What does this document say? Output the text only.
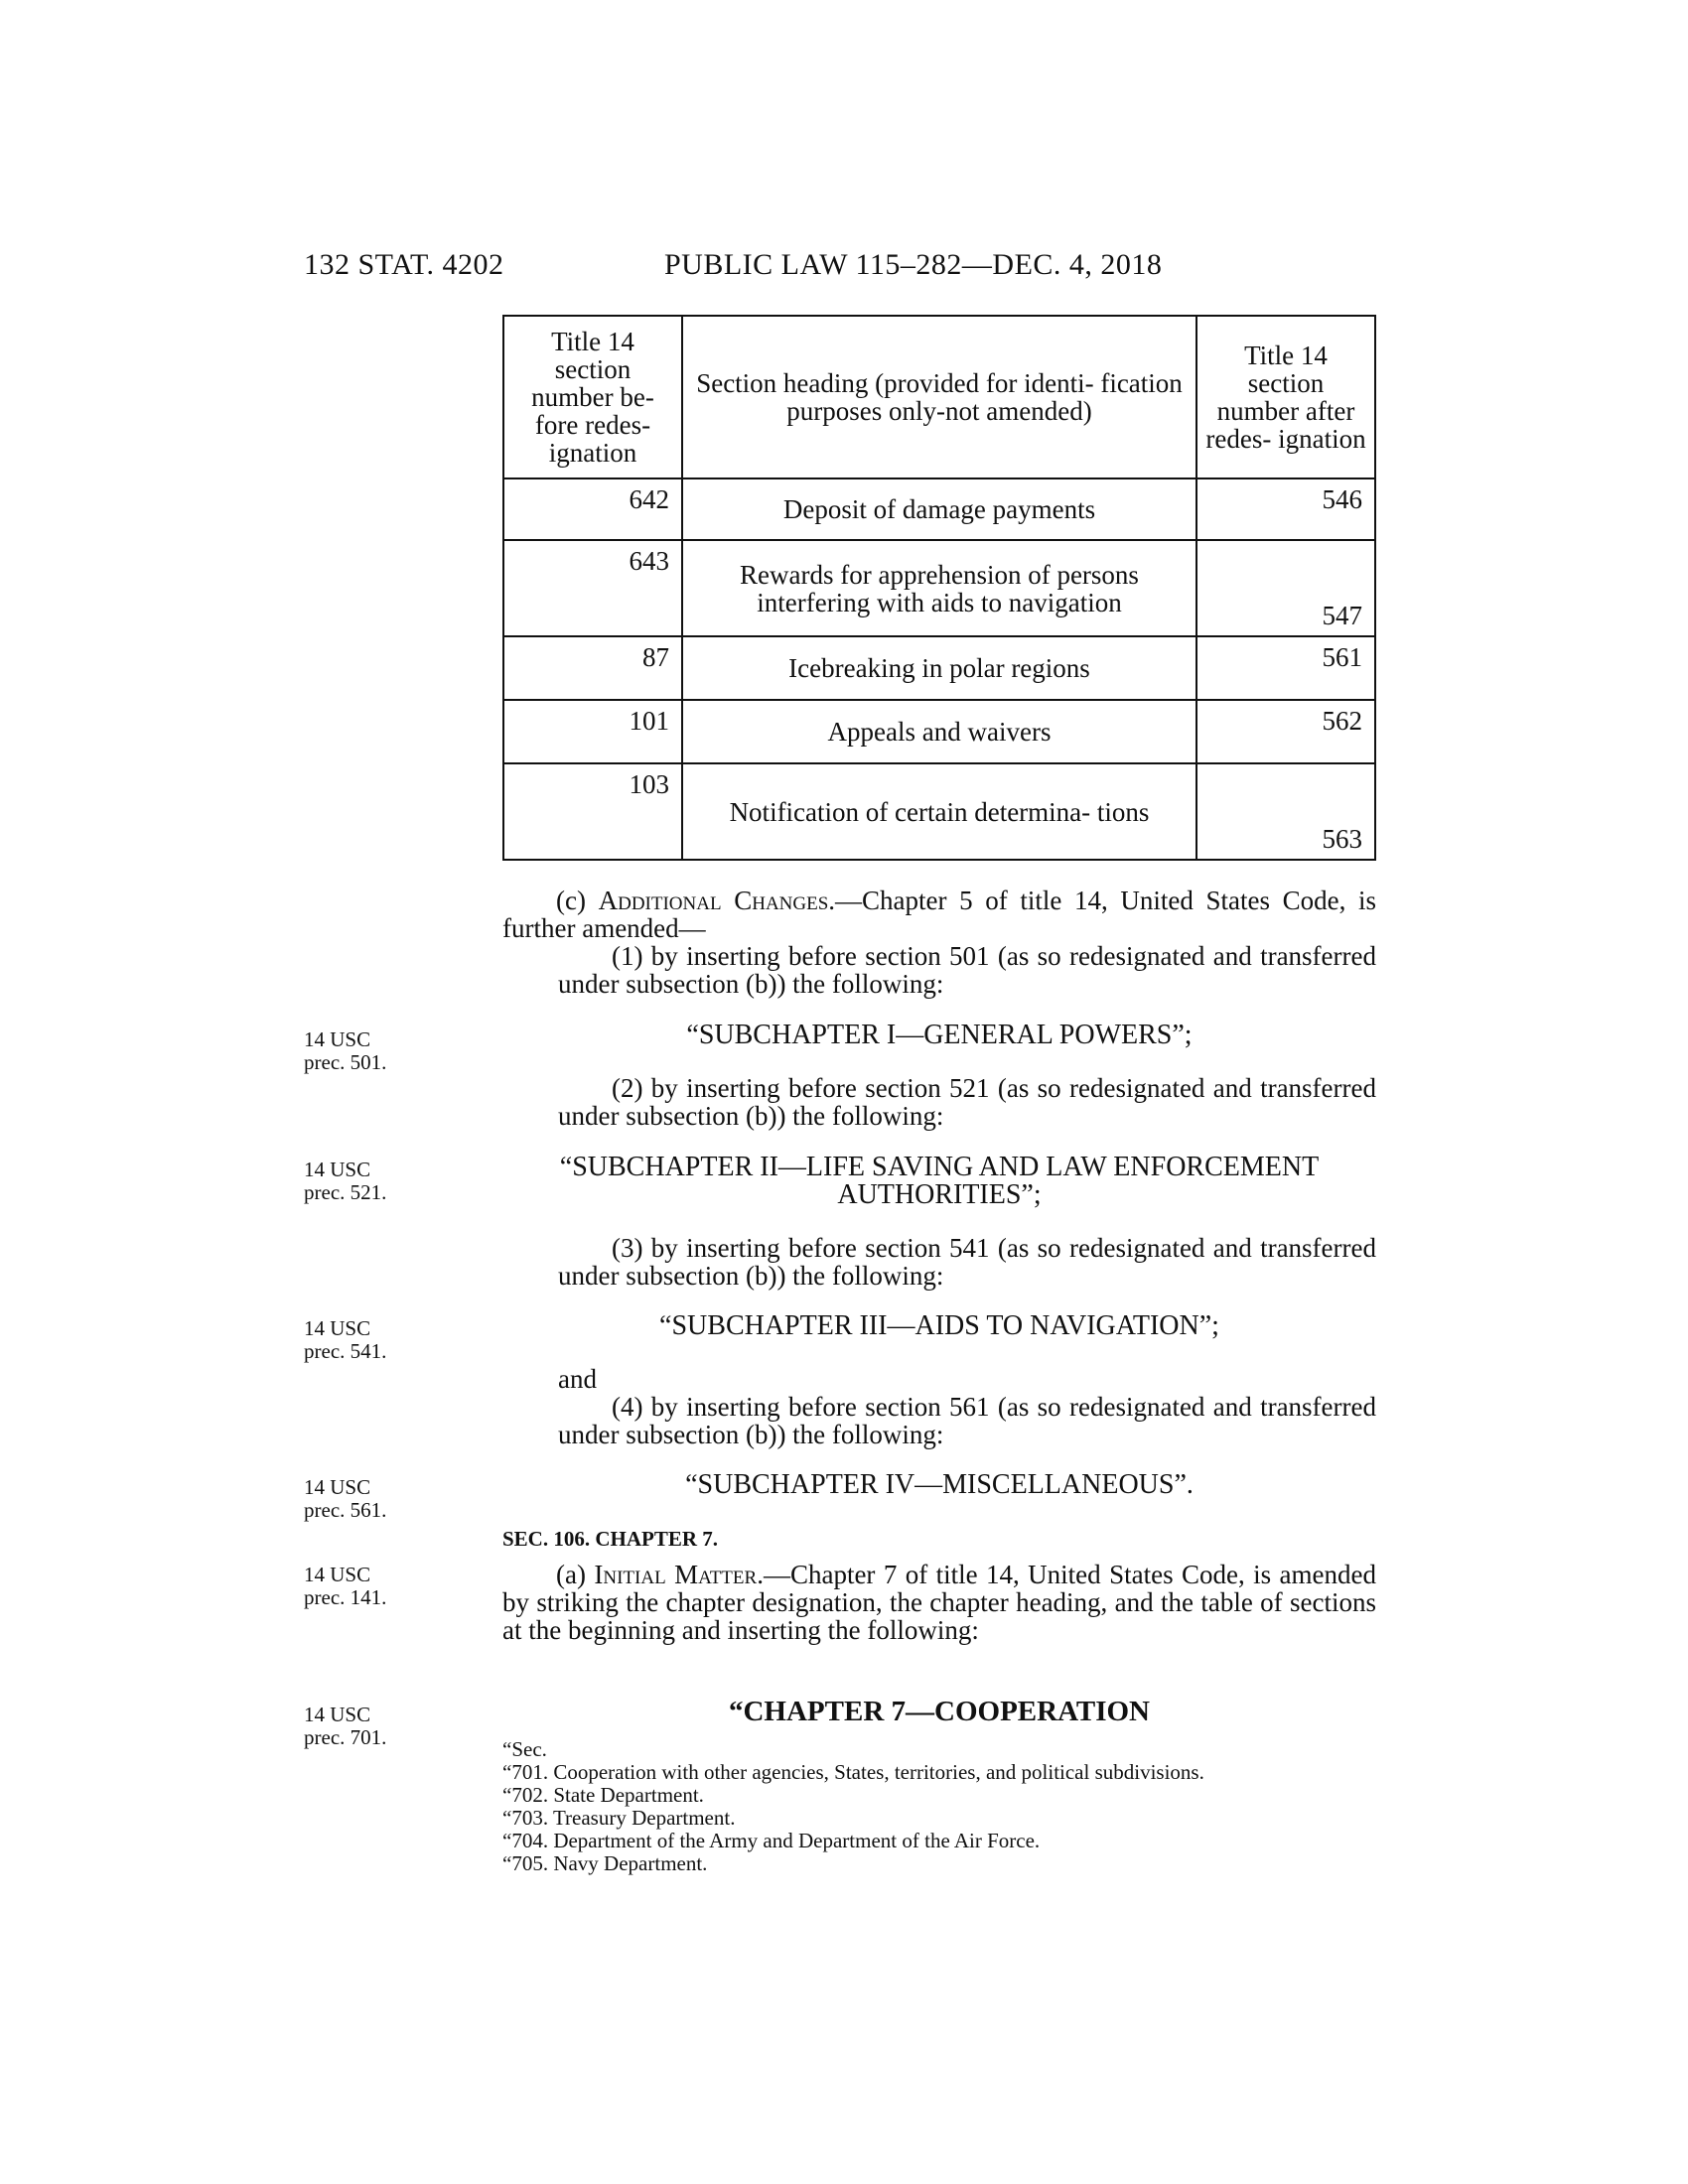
132 STAT. 4202	PUBLIC LAW 115–282—DEC. 4, 2018
Title 14 section number be- fore redes- ignation	Section heading (provided for identi- fication purposes only-not amended)	Title 14 section number after redes- ignation
642	Deposit of damage payments	546
643	Rewards for apprehension of persons interfering with aids to navigation	547
87	Icebreaking in polar regions	561
101	Appeals and waivers	562
103	Notification of certain determina- tions	563
(c) Additional Changes.—Chapter 5 of title 14, United States Code, is further amended—
(1) by inserting before section 501 (as so redesignated and transferred under subsection (b)) the following:
14 USC
prec. 501.
“SUBCHAPTER I—GENERAL POWERS”;
(2) by inserting before section 521 (as so redesignated and transferred under subsection (b)) the following:
14 USC
prec. 521.
“SUBCHAPTER II—LIFE SAVING AND LAW ENFORCEMENT
AUTHORITIES”;
(3) by inserting before section 541 (as so redesignated and transferred under subsection (b)) the following:
14 USC
prec. 541.
“SUBCHAPTER III—AIDS TO NAVIGATION”;
and
(4) by inserting before section 561 (as so redesignated and transferred under subsection (b)) the following:
14 USC
prec. 561.
“SUBCHAPTER IV—MISCELLANEOUS”.
SEC. 106. CHAPTER 7.
14 USC
prec. 141.
(a) Initial Matter.—Chapter 7 of title 14, United States Code, is amended by striking the chapter designation, the chapter heading, and the table of sections at the beginning and inserting the following:
14 USC
prec. 701.
“CHAPTER 7—COOPERATION
“Sec.
“701. Cooperation with other agencies, States, territories, and political subdivisions.
“702. State Department.
“703. Treasury Department.
“704. Department of the Army and Department of the Air Force.
“705. Navy Department.
